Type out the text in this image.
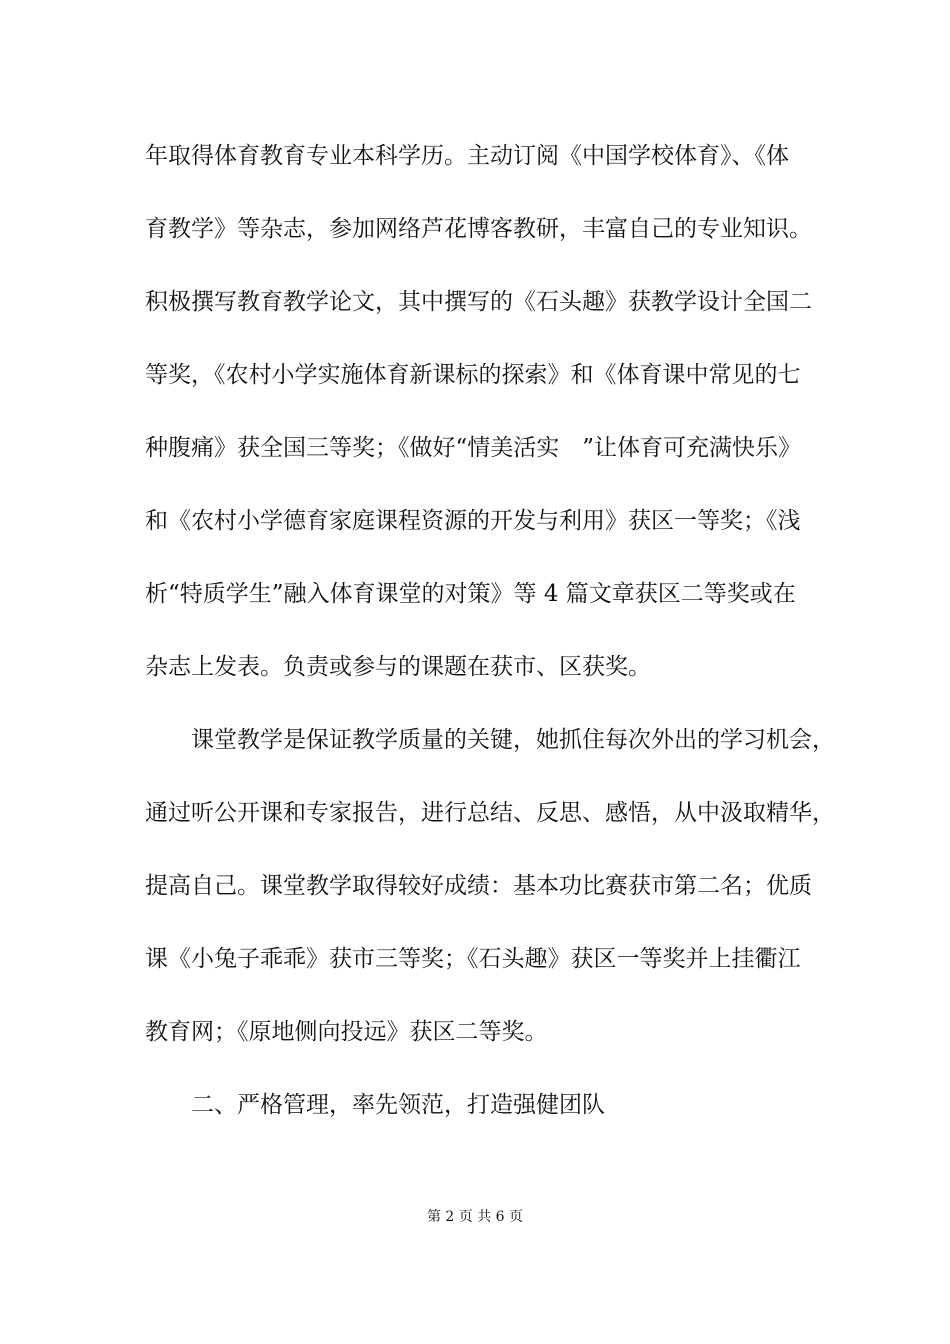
年取得体育教育专业本科学历。主动订阅《中国学校体育》、《体
育教学》等杂志，参加网络芦花博客教研，丰富自己的专业知识。
积极撰写教育教学论文，其中撰写的《石头趣》获教学设计全国二
等奖，《农村小学实施体育新课标的探索》和《体育课中常见的七
种腹痛》获全国三等奖；《做好“情美活实　”让体育可充满快乐》
和《农村小学德育家庭课程资源的开发与利用》获区一等奖；《浅
析“特质学生”融入体育课堂的对策》等 4 篇文章获区二等奖或在
杂志上发表。负责或参与的课题在获市、区获奖。
课堂教学是保证教学质量的关键，她抓住每次外出的学习机会，
通过听公开课和专家报告，进行总结、反思、感悟，从中汲取精华，
提高自己。课堂教学取得较好成绩：基本功比赛获市第二名；优质
课《小兔子乖乖》获市三等奖；《石头趣》获区一等奖并上挂衢江
教育网；《原地侧向投远》获区二等奖。
二、严格管理，率先领范，打造强健团队
第 2 页 共 6 页
